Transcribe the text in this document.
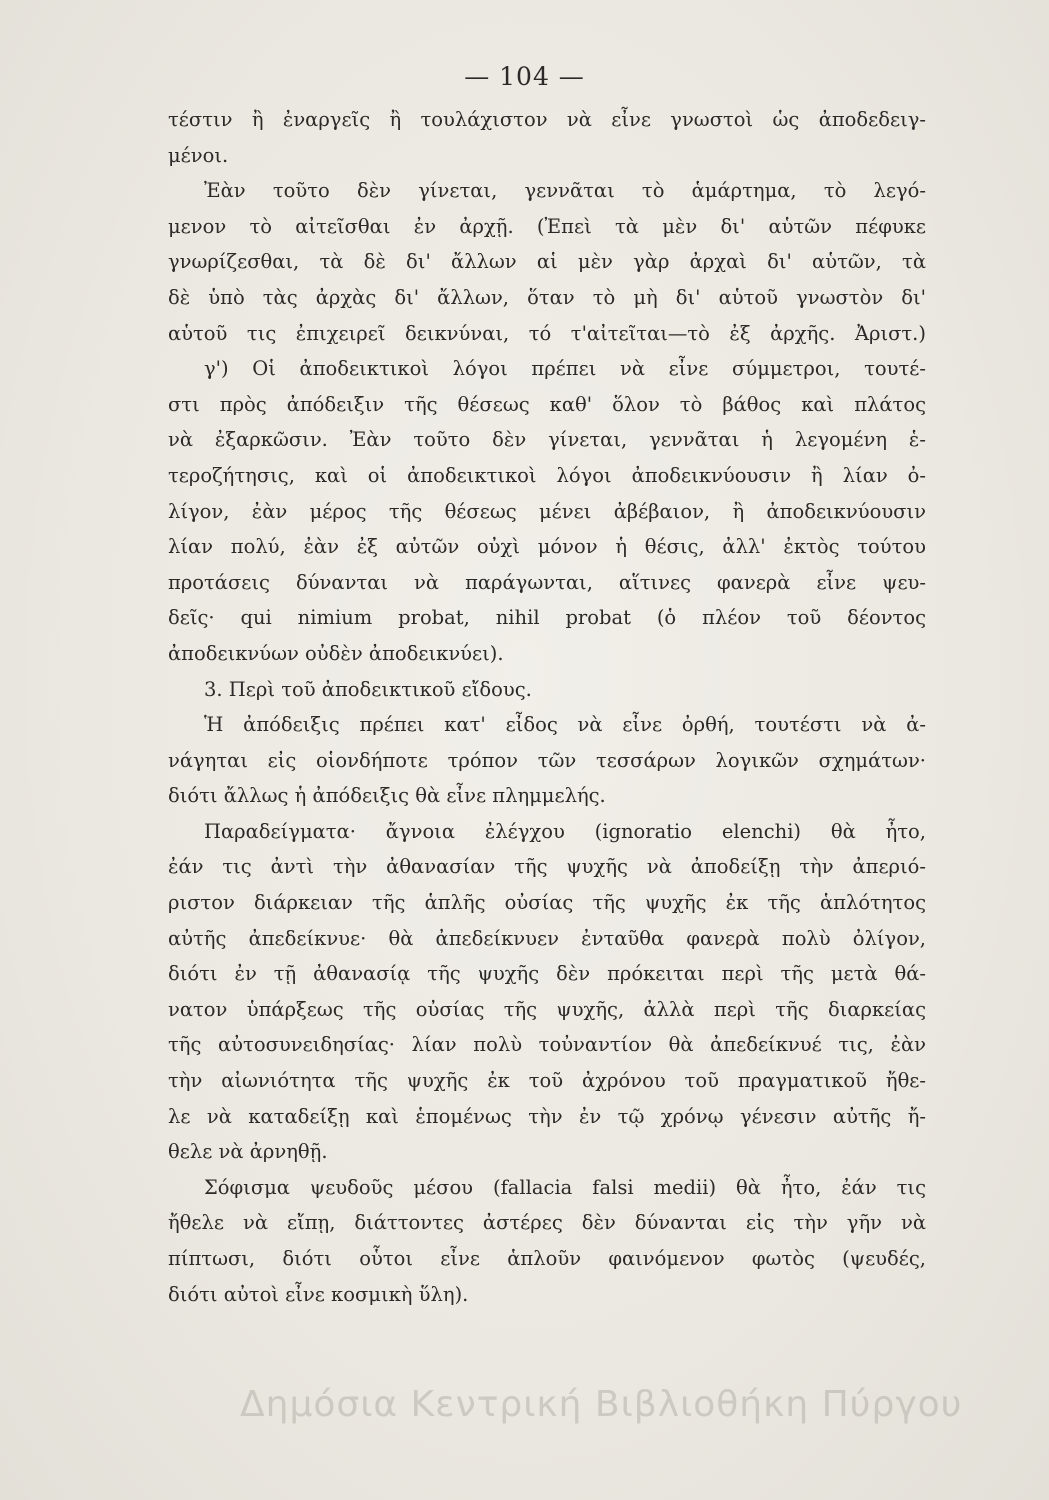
— 104 —
τέστιν ἢ ἐναργεῖς ἢ τουλάχιστον νὰ εἶνε γνωστοὶ ὡς ἀποδεδειγ-
μένοι.
Ἐὰν τοῦτο δὲν γίνεται, γεννᾶται τὸ ἁμάρτημα, τὸ λεγό-
μενον τὸ αἰτεῖσθαι ἐν ἀρχῇ. (Ἐπεὶ τὰ μὲν δι' αὑτῶν πέφυκε
γνωρίζεσθαι, τὰ δὲ δι' ἄλλων αἱ μὲν γὰρ ἀρχαὶ δι' αὑτῶν, τὰ
δὲ ὑπὸ τὰς ἀρχὰς δι' ἄλλων, ὅταν τὸ μὴ δι' αὑτοῦ γνωστὸν δι'
αὑτοῦ τις ἐπιχειρεῖ δεικνύναι, τό τ'αἰτεῖται—τὸ ἐξ ἀρχῆς. Ἀριστ.)
γ') Οἱ ἀποδεικτικοὶ λόγοι πρέπει νὰ εἶνε σύμμετροι, τουτέ-
στι πρὸς ἀπόδειξιν τῆς θέσεως καθ' ὅλον τὸ βάθος καὶ πλάτος
νὰ ἐξαρκῶσιν. Ἐὰν τοῦτο δὲν γίνεται, γεννᾶται ἡ λεγομένη ἑ-
τεροζήτησις, καὶ οἱ ἀποδεικτικοὶ λόγοι ἀποδεικνύουσιν ἢ λίαν ὀ-
λίγον, ἐὰν μέρος τῆς θέσεως μένει ἀβέβαιον, ἢ ἀποδεικνύουσιν
λίαν πολύ, ἐὰν ἐξ αὐτῶν οὐχὶ μόνον ἡ θέσις, ἀλλ' ἐκτὸς τούτου
προτάσεις δύνανται νὰ παράγωνται, αἵτινες φανερὰ εἶνε ψευ-
δεῖς· qui nimium probat, nihil probat (ὁ πλέον τοῦ δέοντος
ἀποδεικνύων οὐδὲν ἀποδεικνύει).
3. Περὶ τοῦ ἀποδεικτικοῦ εἴδους.
Ἡ ἀπόδειξις πρέπει κατ' εἶδος νὰ εἶνε ὀρθή, τουτέστι νὰ ἀ-
νάγηται εἰς οἱονδήποτε τρόπον τῶν τεσσάρων λογικῶν σχημάτων·
διότι ἄλλως ἡ ἀπόδειξις θὰ εἶνε πλημμελής.
Παραδείγματα· ἄγνοια ἐλέγχου (ignoratio elenchi) θὰ ἦτο,
ἐάν τις ἀντὶ τὴν ἀθανασίαν τῆς ψυχῆς νὰ ἀποδείξῃ τὴν ἀπεριό-
ριστον διάρκειαν τῆς ἁπλῆς οὐσίας τῆς ψυχῆς ἐκ τῆς ἁπλότητος
αὐτῆς ἀπεδείκνυε· θὰ ἀπεδείκνυεν ἐνταῦθα φανερὰ πολὺ ὀλίγον,
διότι ἐν τῇ ἀθανασίᾳ τῆς ψυχῆς δὲν πρόκειται περὶ τῆς μετὰ θά-
νατον ὑπάρξεως τῆς οὐσίας τῆς ψυχῆς, ἀλλὰ περὶ τῆς διαρκείας
τῆς αὐτοσυνειδησίας· λίαν πολὺ τοὐναντίον θὰ ἀπεδείκνυέ τις, ἐὰν
τὴν αἰωνιότητα τῆς ψυχῆς ἐκ τοῦ ἀχρόνου τοῦ πραγματικοῦ ἤθε-
λε νὰ καταδείξῃ καὶ ἑπομένως τὴν ἐν τῷ χρόνῳ γένεσιν αὐτῆς ἤ-
θελε νὰ ἀρνηθῇ.
Σόφισμα ψευδοῦς μέσου (fallacia falsi medii) θὰ ἦτο, ἐάν τις
ἤθελε νὰ εἴπῃ, διάττοντες ἀστέρες δὲν δύνανται εἰς τὴν γῆν νὰ
πίπτωσι, διότι οὗτοι εἶνε ἁπλοῦν φαινόμενον φωτὸς (ψευδές,
διότι αὐτοὶ εἶνε κοσμικὴ ὕλη).
Δημόσια Κεντρική Βιβλιοθήκη Πύργου
